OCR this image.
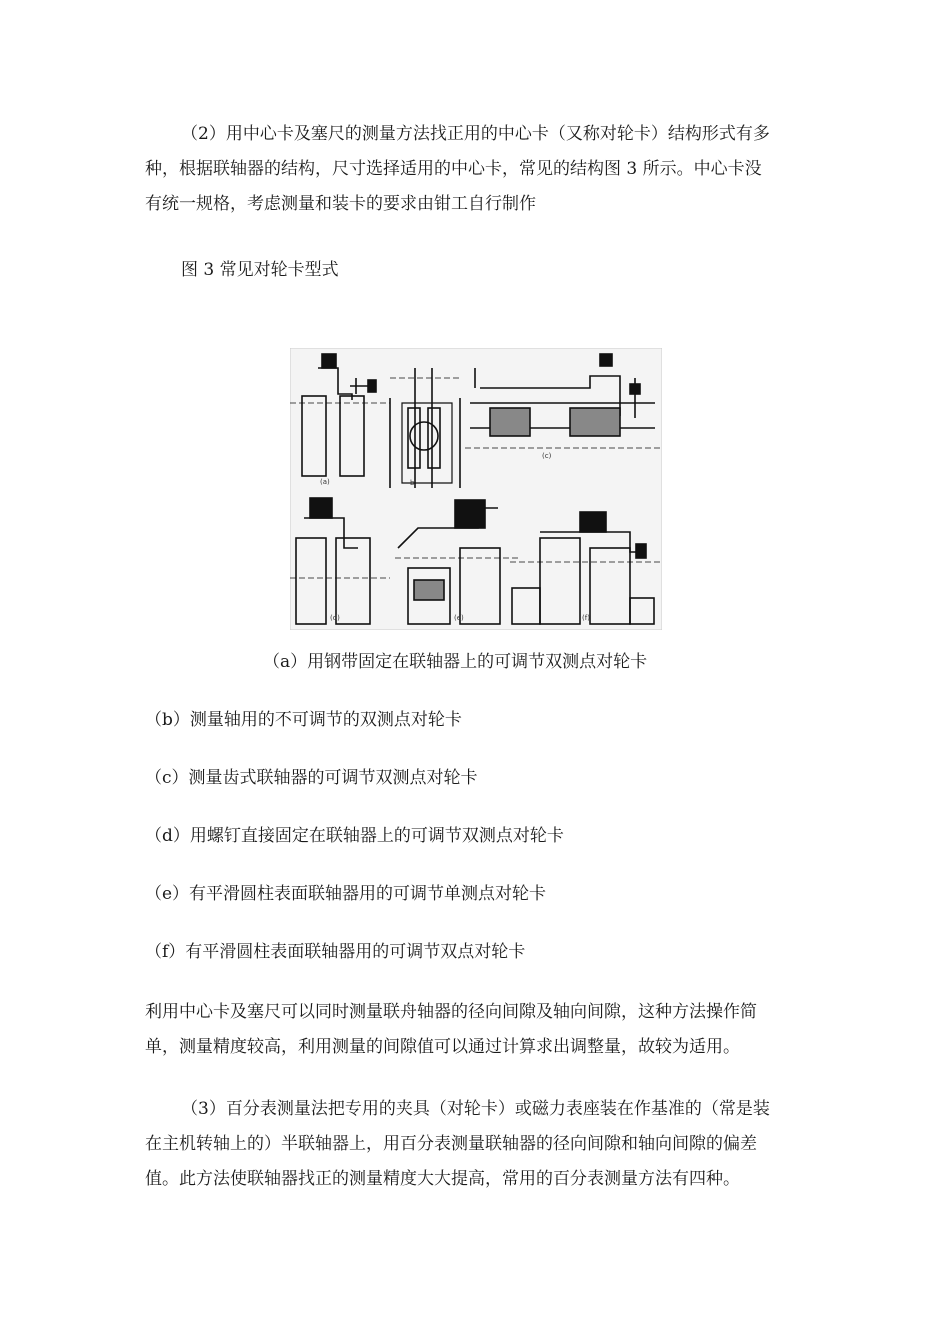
（2）用中心卡及塞尺的测量方法找正用的中心卡（又称对轮卡）结构形式有多
种，根据联轴器的结构，尺寸选择适用的中心卡，常见的结构图 3 所示。中心卡没
有统一规格，考虑测量和装卡的要求由钳工自行制作

图 3 常见对轮卡型式

(a)	b
(c)
(d)	(e)	(f)

（a）用钢带固定在联轴器上的可调节双测点对轮卡

（b）测量轴用的不可调节的双测点对轮卡

（c）测量齿式联轴器的可调节双测点对轮卡

（d）用螺钉直接固定在联轴器上的可调节双测点对轮卡

（e）有平滑圆柱表面联轴器用的可调节单测点对轮卡

（f）有平滑圆柱表面联轴器用的可调节双点对轮卡

利用中心卡及塞尺可以同时测量联舟轴器的径向间隙及轴向间隙，这种方法操作简
单，测量精度较高，利用测量的间隙值可以通过计算求出调整量，故较为适用。
（3）百分表测量法把专用的夹具（对轮卡）或磁力表座装在作基准的（常是装
在主机转轴上的）半联轴器上，用百分表测量联轴器的径向间隙和轴向间隙的偏差
值。此方法使联轴器找正的测量精度大大提高，常用的百分表测量方法有四种。
